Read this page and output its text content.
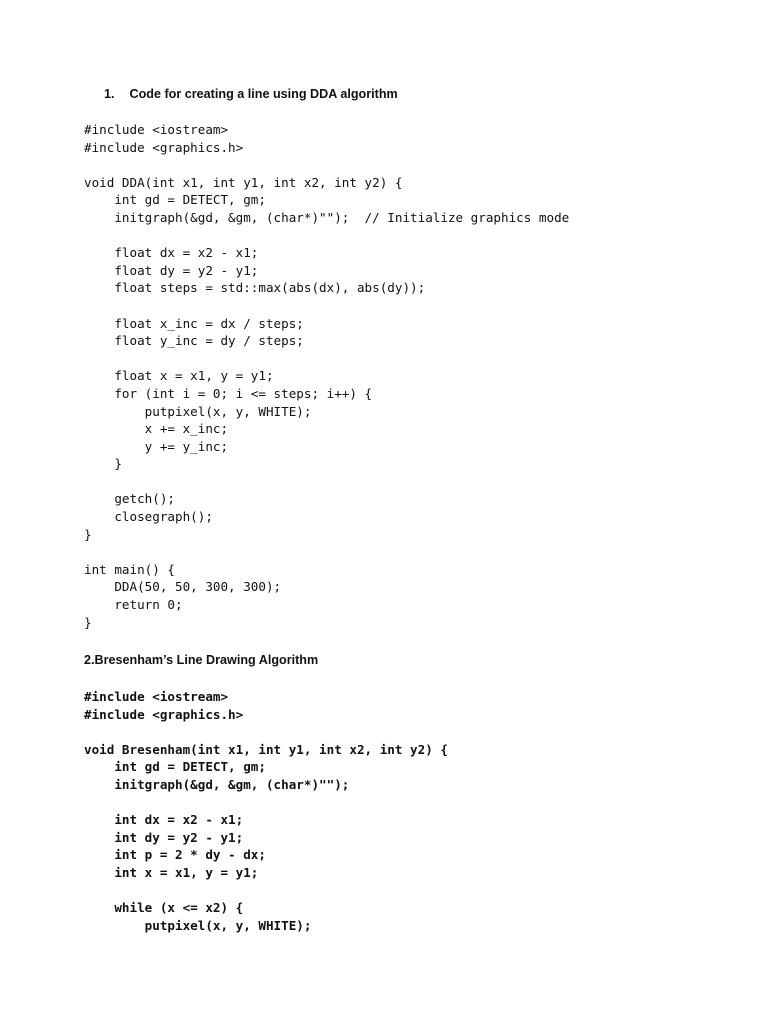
1. Code for creating a line using DDA algorithm
#include <iostream>
#include <graphics.h>

void DDA(int x1, int y1, int x2, int y2) {
int gd = DETECT, gm;
initgraph(&gd, &gm, (char*)"");  // Initialize graphics mode

float dx = x2 - x1;
float dy = y2 - y1;
float steps = std::max(abs(dx), abs(dy));

float x_inc = dx / steps;
float y_inc = dy / steps;

float x = x1, y = y1;
for (int i = 0; i <= steps; i++) {
putpixel(x, y, WHITE);
x += x_inc;
y += y_inc;
}

getch();
closegraph();
}

int main() {
DDA(50, 50, 300, 300);
return 0;
}
2.Bresenham’s Line Drawing Algorithm
#include <iostream>
#include <graphics.h>

void Bresenham(int x1, int y1, int x2, int y2) {
int gd = DETECT, gm;
initgraph(&gd, &gm, (char*)"");

int dx = x2 - x1;
int dy = y2 - y1;
int p = 2 * dy - dx;
int x = x1, y = y1;

while (x <= x2) {
putpixel(x, y, WHITE);
